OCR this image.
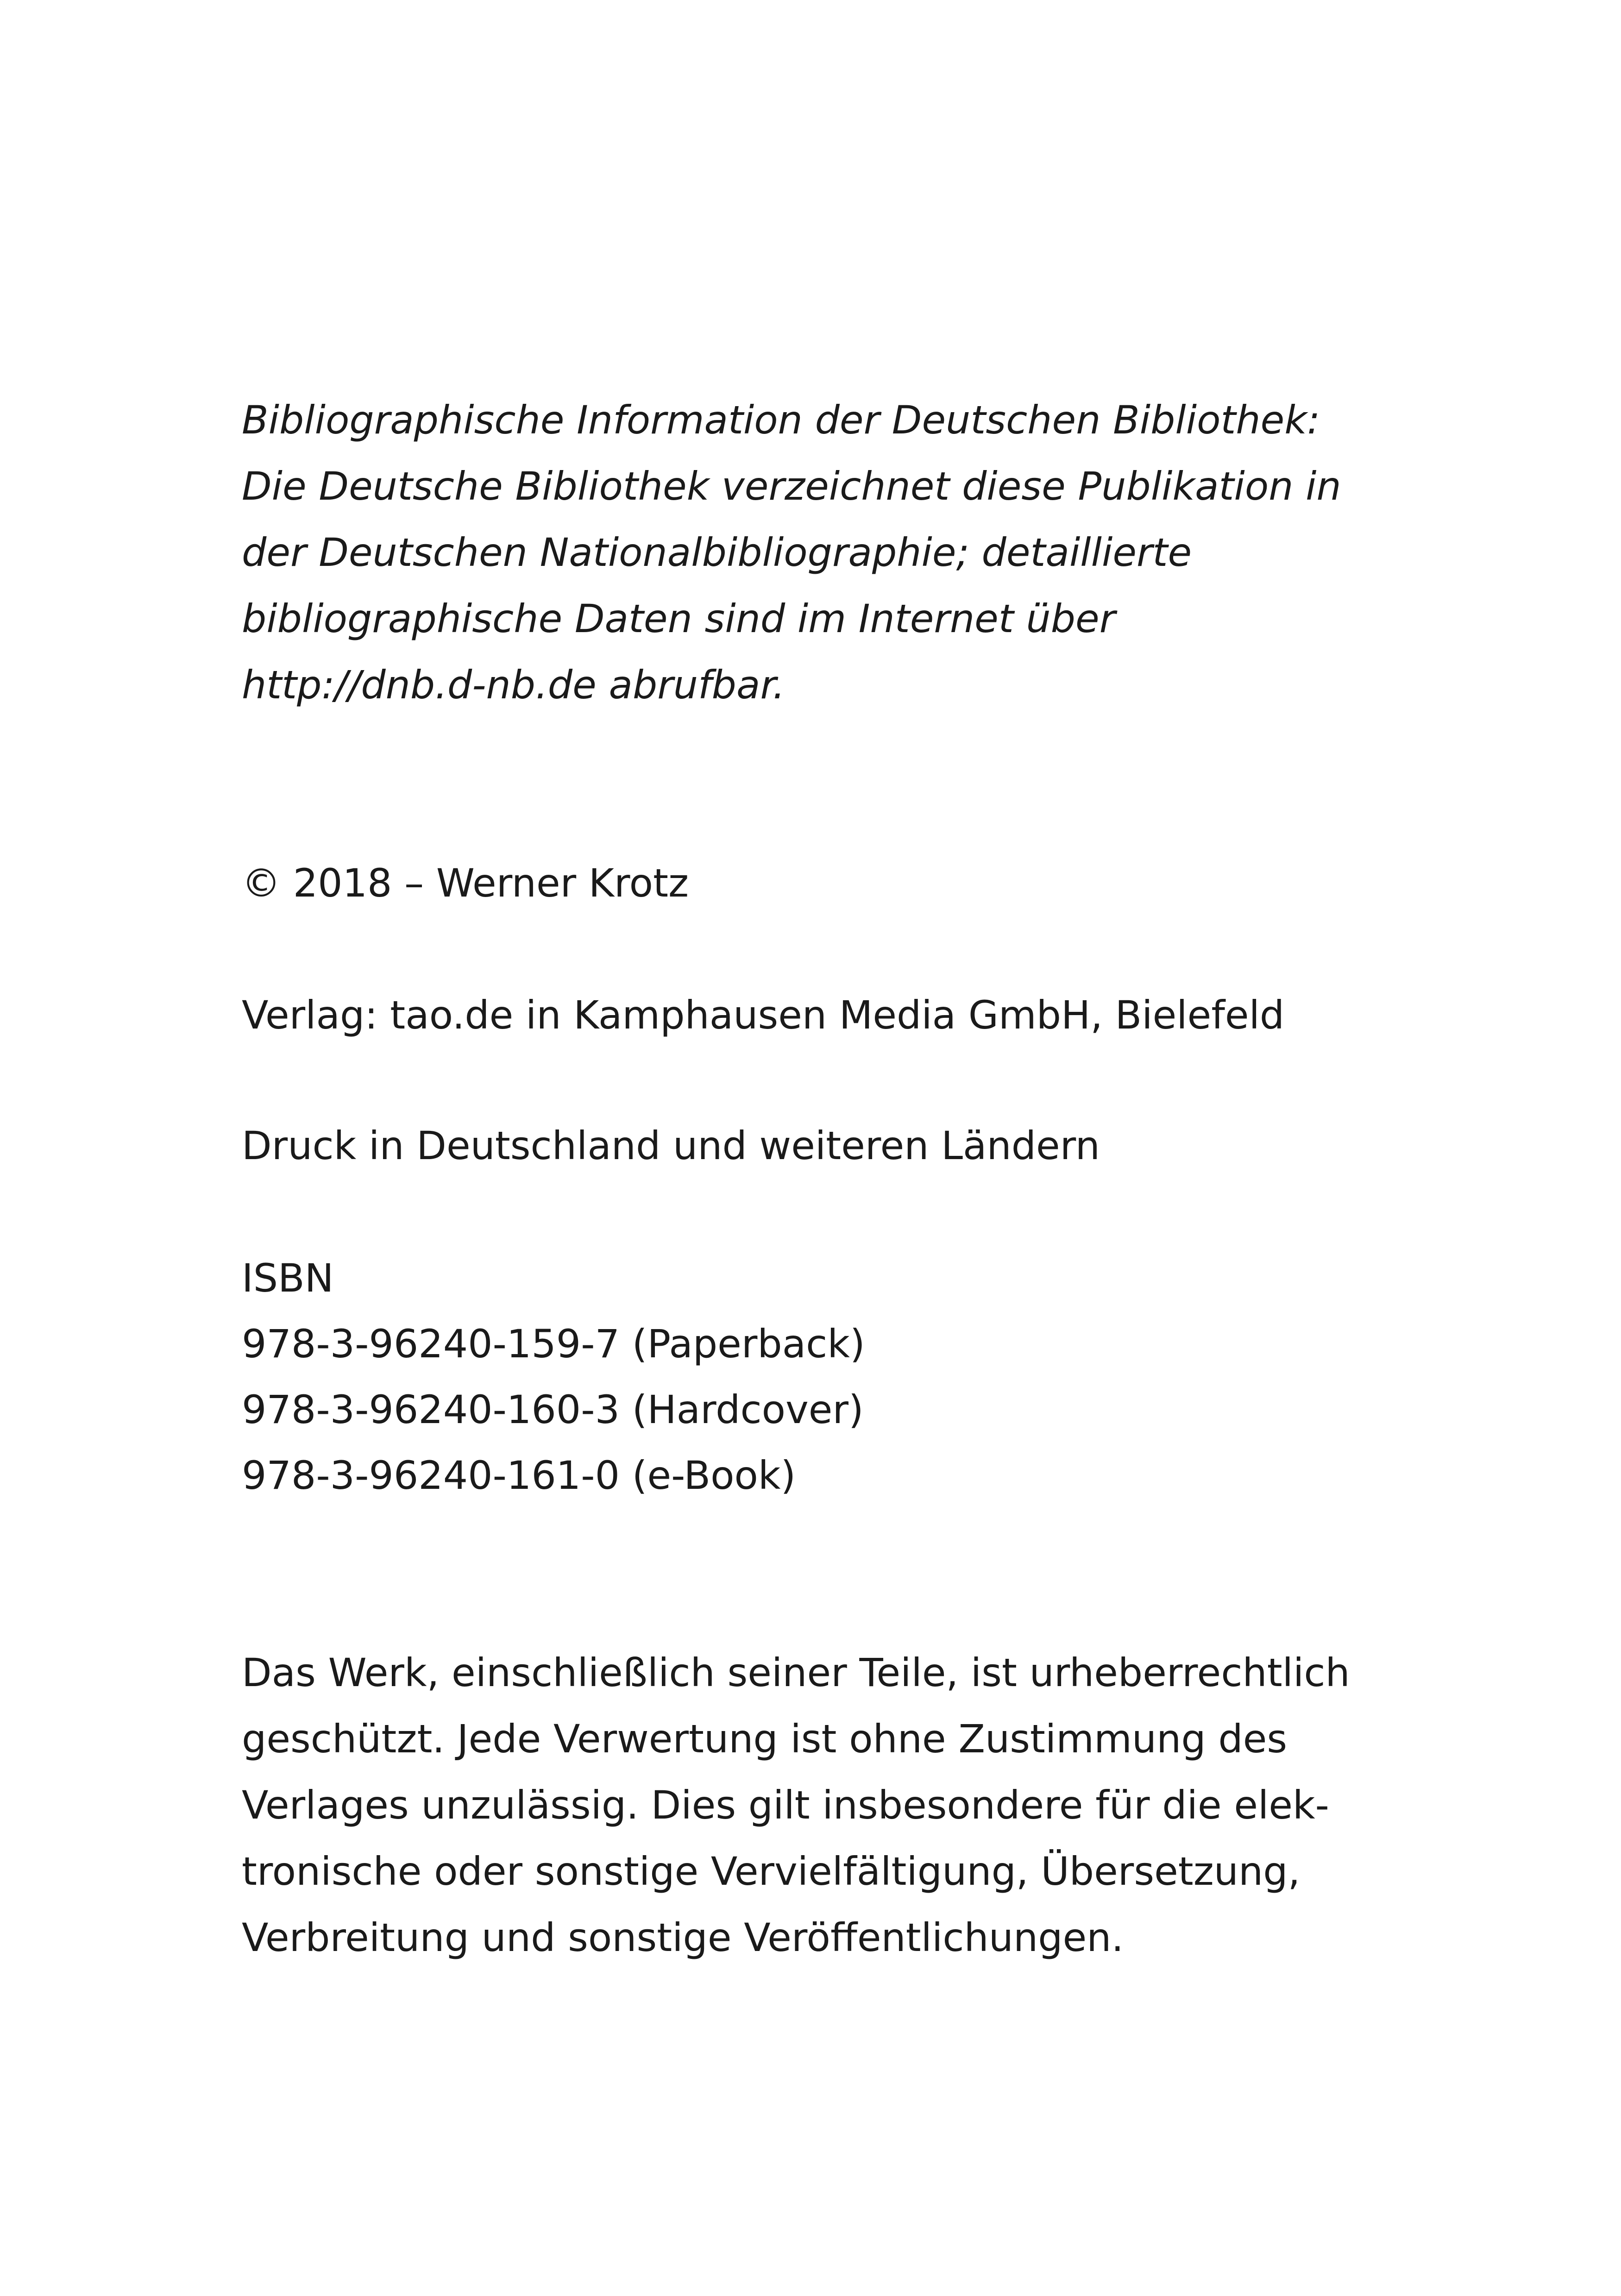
Bibliographische Information der Deutschen Bibliothek:
Die Deutsche Bibliothek verzeichnet diese Publikation in
der Deutschen Nationalbibliographie; detaillierte
bibliographische Daten sind im Internet über
http://dnb.d-nb.de abrufbar.
© 2018 – Werner Krotz
Verlag: tao.de in Kamphausen Media GmbH, Bielefeld
Druck in Deutschland und weiteren Ländern
ISBN
978-3-96240-159-7 (Paperback)
978-3-96240-160-3 (Hardcover)
978-3-96240-161-0 (e-Book)
Das Werk, einschließlich seiner Teile, ist urheberrechtlich
geschützt. Jede Verwertung ist ohne Zustimmung des
Verlages unzulässig. Dies gilt insbesondere für die elek-
tronische oder sonstige Vervielfältigung, Übersetzung,
Verbreitung und sonstige Veröffentlichungen.
